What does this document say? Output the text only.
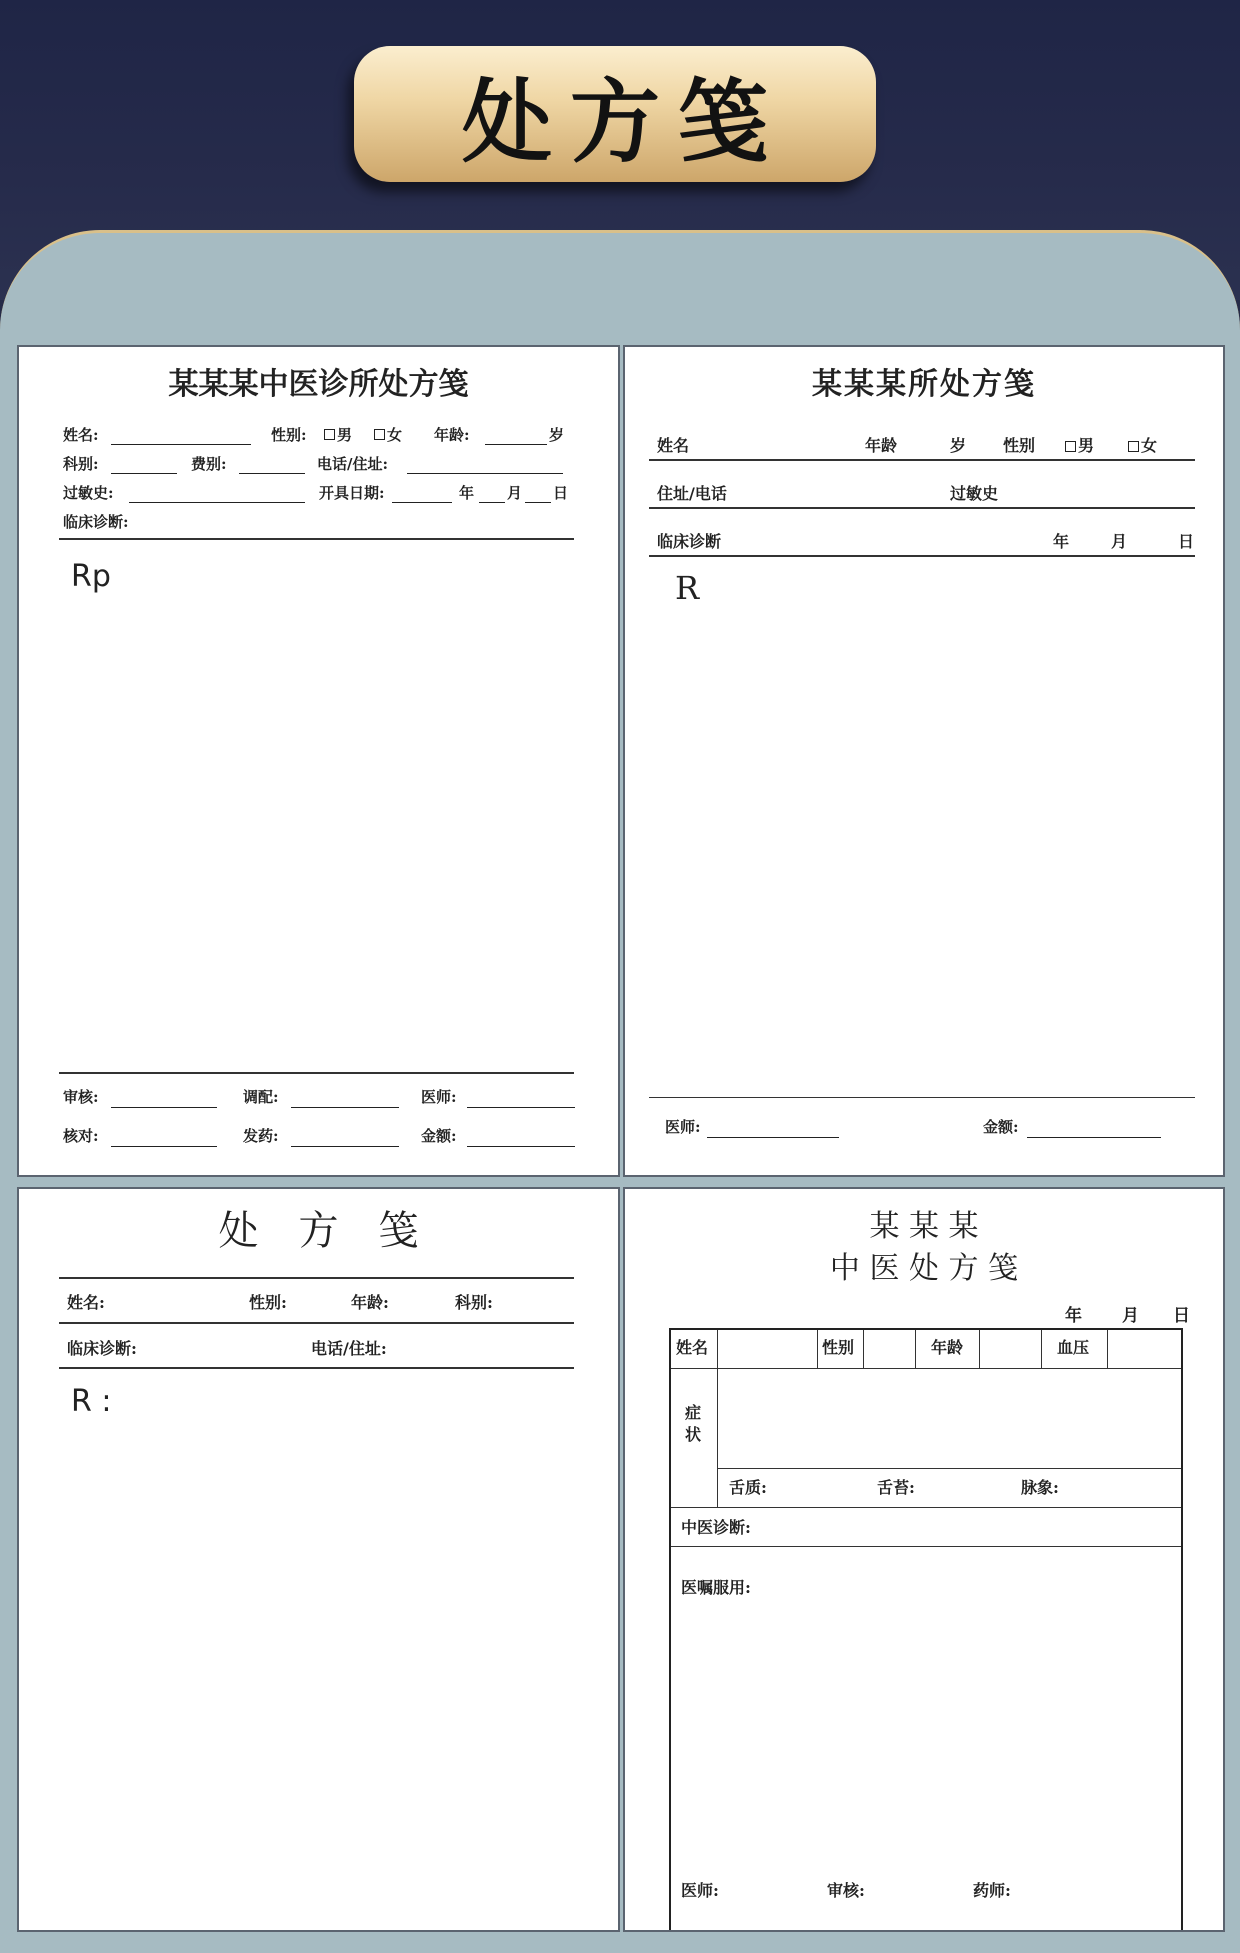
处方笺
某某某中医诊所处方笺
姓名:	性别: 男 女 年龄:	岁
科别:	费别:	电话/住址:
过敏史:	开具日期:	年 月 日
临床诊断:
Rp
审核:	调配:	医师:
核对:	发药:	金额:
某某某所处方笺
姓名	年龄	岁 性别	男	女
住址/电话	过敏史
临床诊断	年	月	日
R
医师:	金额:
处　方　笺
姓名:	性别:	年龄:	科别:
临床诊断:	电话/住址:
R :
某 某 某
中 医 处 方 笺
年 月 日
姓名	性别	年龄	血压
症
状
舌质:	舌苔:	脉象:
中医诊断:
医嘱服用:
医师:	审核:	药师:
